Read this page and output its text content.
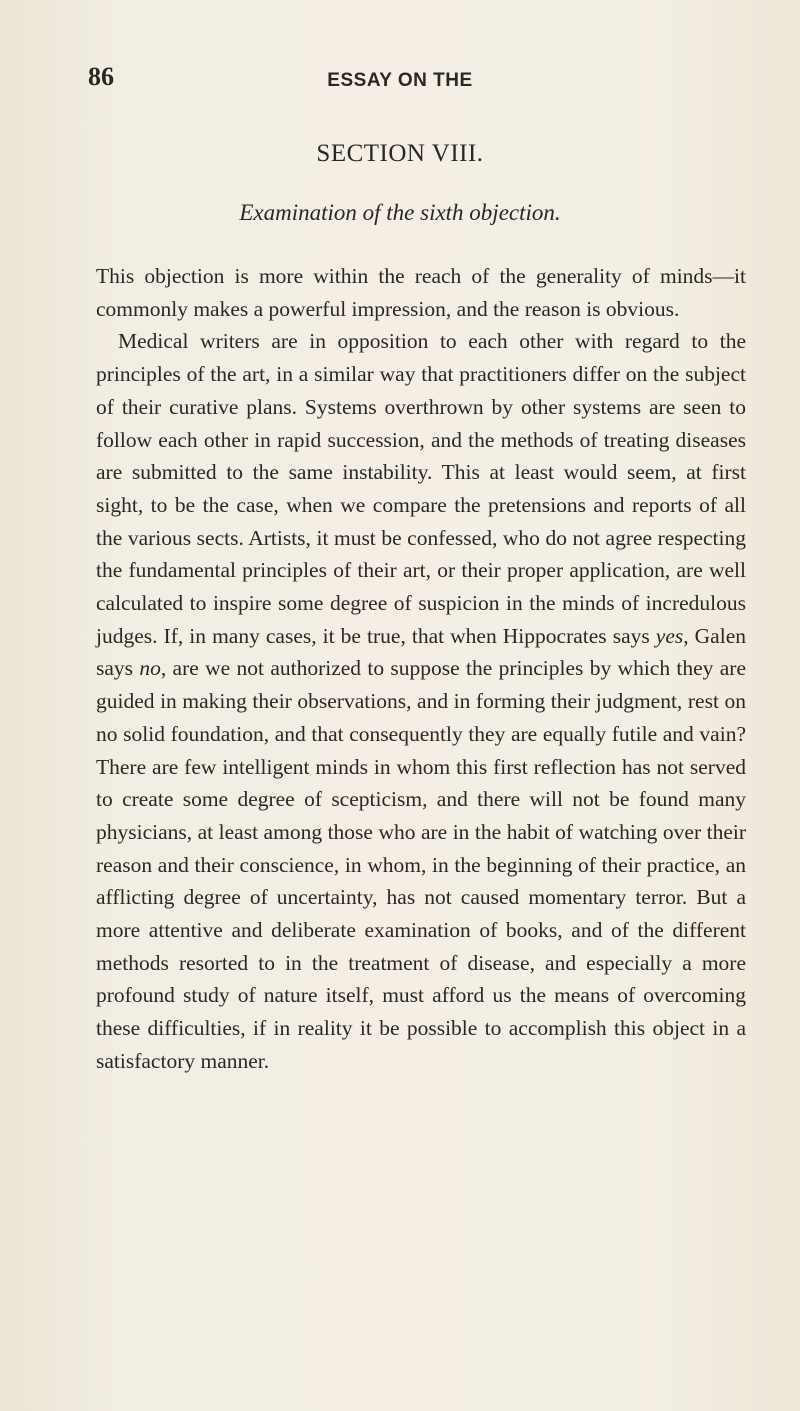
86	ESSAY ON THE
SECTION VIII.
Examination of the sixth objection.

This objection is more within the reach of the generality of minds—it commonly makes a powerful impression, and the reason is obvious.

Medical writers are in opposition to each other with regard to the principles of the art, in a similar way that practitioners differ on the subject of their curative plans. Systems overthrown by other systems are seen to follow each other in rapid succession, and the methods of treating diseases are submitted to the same instability. This at least would seem, at first sight, to be the case, when we compare the pretensions and reports of all the various sects. Artists, it must be confessed, who do not agree respecting the fundamental principles of their art, or their proper application, are well calculated to inspire some degree of suspicion in the minds of incredulous judges. If, in many cases, it be true, that when Hippocrates says yes, Galen says no, are we not authorized to suppose the principles by which they are guided in making their observations, and in forming their judgment, rest on no solid foundation, and that consequently they are equally futile and vain? There are few intelligent minds in whom this first reflection has not served to create some degree of scepticism, and there will not be found many physicians, at least among those who are in the habit of watching over their reason and their conscience, in whom, in the beginning of their practice, an afflicting degree of uncertainty, has not caused momentary terror. But a more attentive and deliberate examination of books, and of the different methods resorted to in the treatment of disease, and especially a more profound study of nature itself, must afford us the means of overcoming these difficulties, if in reality it be possible to accomplish this object in a satisfactory manner.
